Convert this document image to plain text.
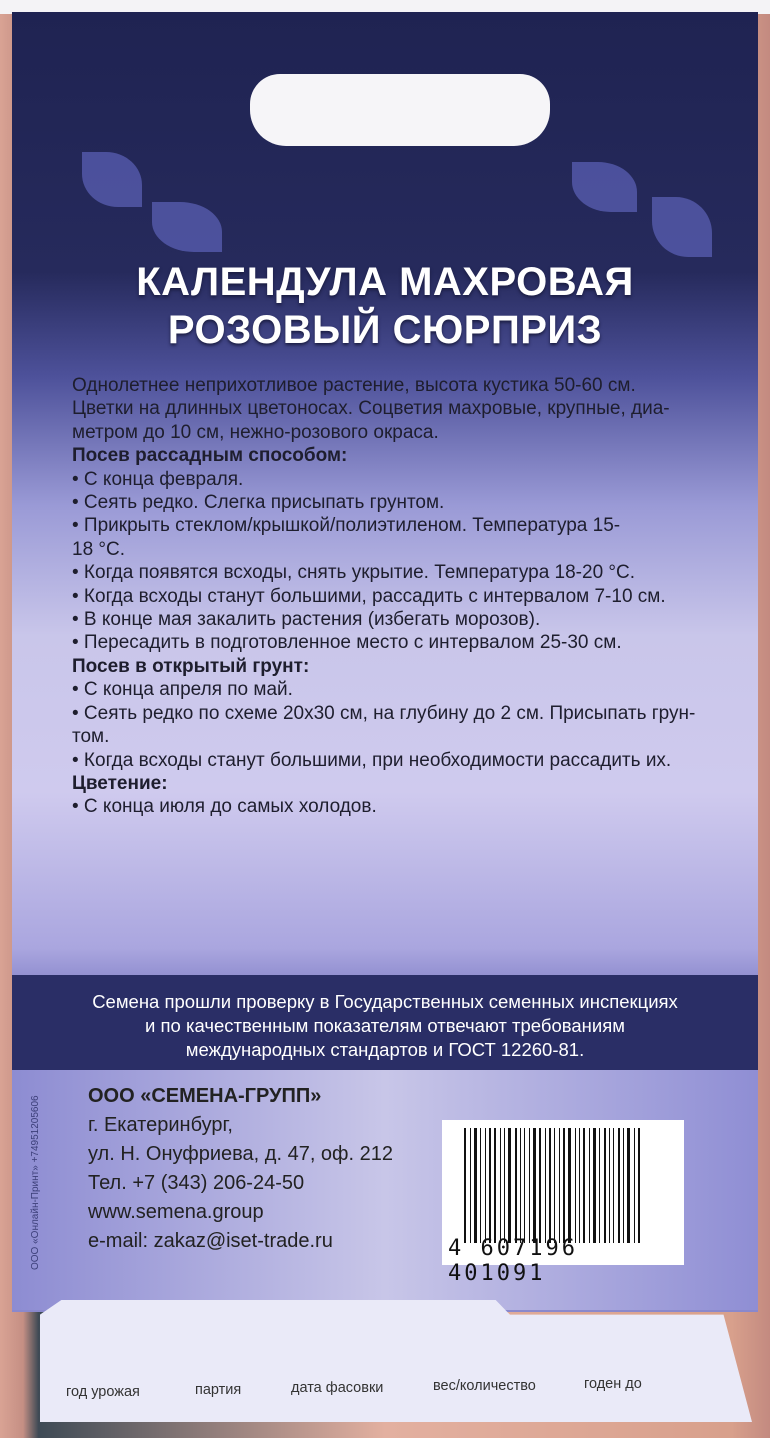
КАЛЕНДУЛА МАХРОВАЯ
РОЗОВЫЙ СЮРПРИЗ
Однолетнее неприхотливое растение, высота кустика 50-60 см.
Цветки на длинных цветоносах. Соцветия махровые, крупные, диа-
метром до 10 см, нежно-розового окраса.
Посев рассадным способом:
• С конца февраля.
• Сеять редко. Слегка присыпать грунтом.
• Прикрыть стеклом/крышкой/полиэтиленом. Температура 15-
18 °С.
• Когда появятся всходы, снять укрытие. Температура 18-20 °С.
• Когда всходы станут большими, рассадить с интервалом 7-10 см.
• В конце мая закалить растения (избегать морозов).
• Пересадить в подготовленное место с интервалом 25-30 см.
Посев в открытый грунт:
• С конца апреля по май.
• Сеять редко по схеме 20х30 см, на глубину до 2 см. Присыпать грун-
том.
• Когда всходы станут большими, при необходимости рассадить их.
Цветение:
• С конца июля до самых холодов.
Семена прошли проверку в Государственных семенных инспекциях
и по качественным показателям отвечают требованиям
международных стандартов и ГОСТ 12260-81.
ООО «Онлайн-Принт» +74951205606 ООО «СЕМЕНА-ГРУПП»
г. Екатеринбург,
ул. Н. Онуфриева, д. 47, оф. 212
Тел. +7 (343) 206-24-50
www.semena.group
e-mail: zakaz@iset-trade.ru	4 607196 401091
год урожая	партия	дата фасовки	вес/количество	годен до
